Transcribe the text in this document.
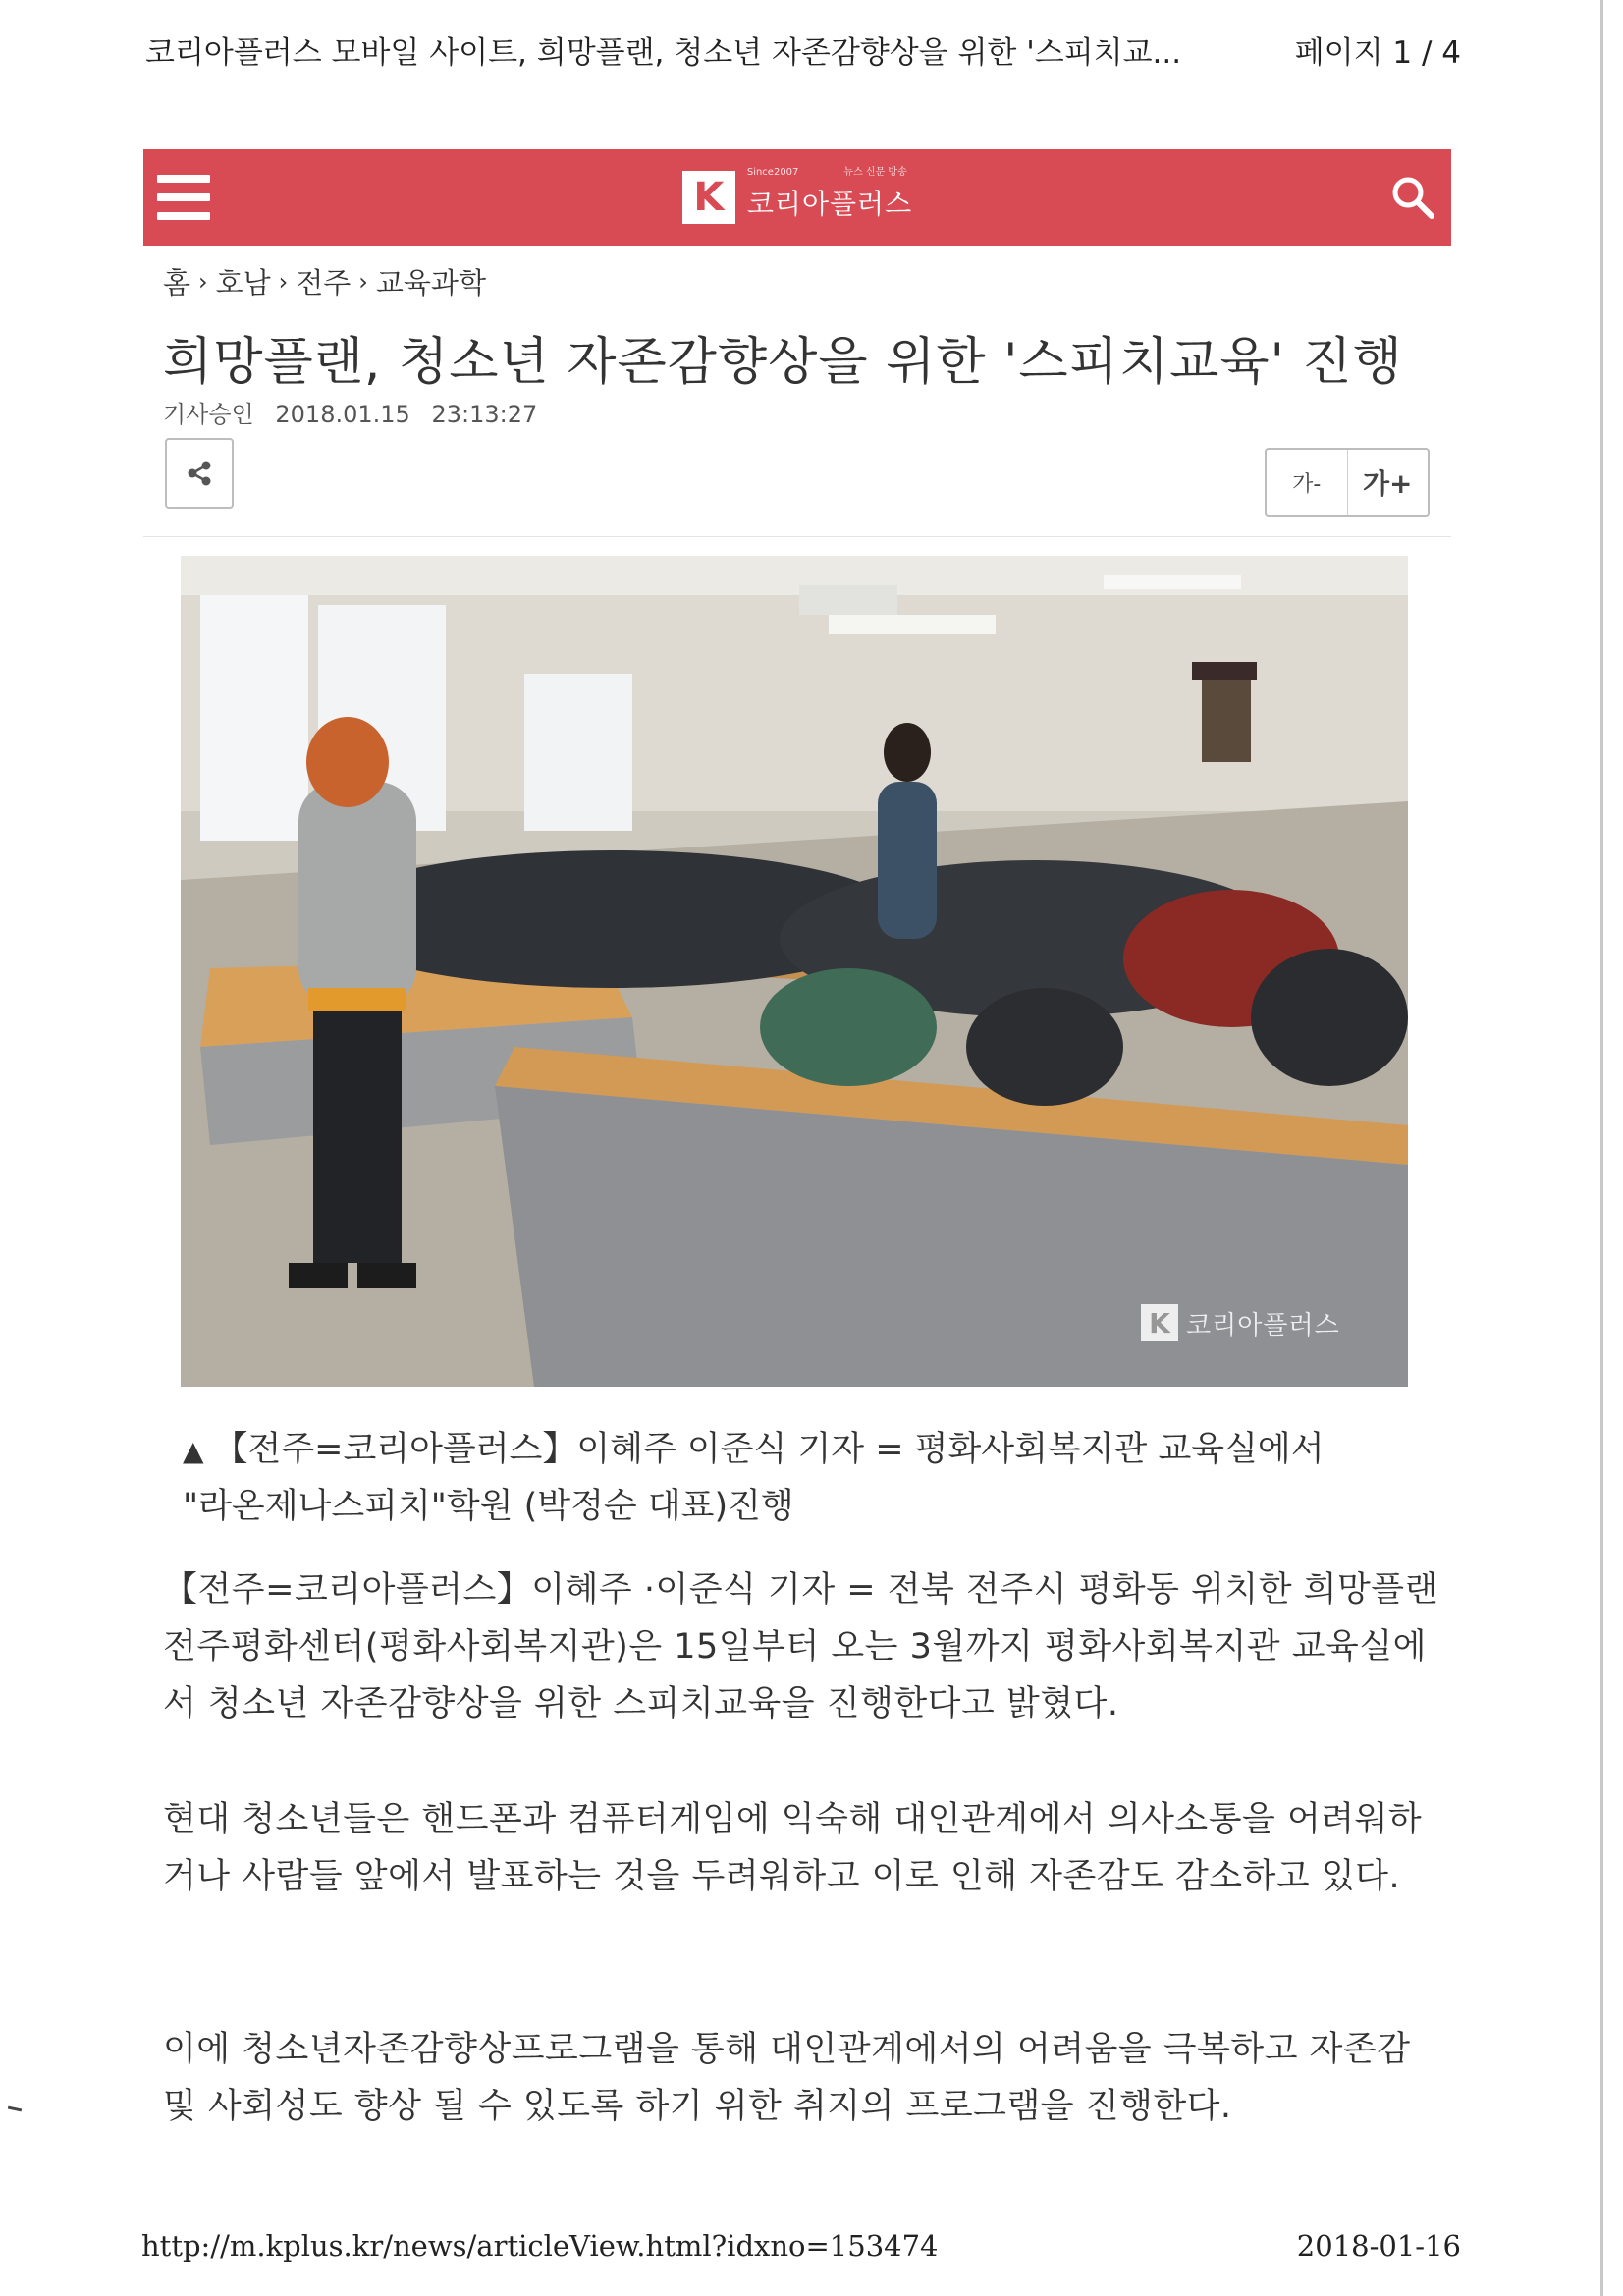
코리아플러스 모바일 사이트, 희망플랜, 청소년 자존감향상을 위한 '스피치교...	페이지 1 / 4
K
Since2007	뉴스 신문 방송
코리아플러스
홈 › 호남 › 전주 › 교육과학
희망플랜, 청소년 자존감향상을 위한 '스피치교육' 진행
기사승인 2018.01.15 23:13:27
가-	가+
K 코리아플러스
▲ 【전주=코리아플러스】이혜주 이준식 기자 = 평화사회복지관 교육실에서
"라온제나스피치"학원 (박정순 대표)진행

【전주=코리아플러스】이혜주 ·이준식 기자 = 전북 전주시 평화동 위치한 희망플랜전주평화센터(평화사회복지관)은 15일부터 오는 3월까지 평화사회복지관 교육실에서 청소년 자존감향상을 위한 스피치교육을 진행한다고 밝혔다.

현대 청소년들은 핸드폰과 컴퓨터게임에 익숙해 대인관계에서 의사소통을 어려워하거나 사람들 앞에서 발표하는 것을 두려워하고 이로 인해 자존감도 감소하고 있다.

이에 청소년자존감향상프로그램을 통해 대인관계에서의 어려움을 극복하고 자존감 및 사회성도 향상 될 수 있도록 하기 위한 취지의 프로그램을 진행한다.

http://m.kplus.kr/news/articleView.html?idxno=153474	2018-01-16
